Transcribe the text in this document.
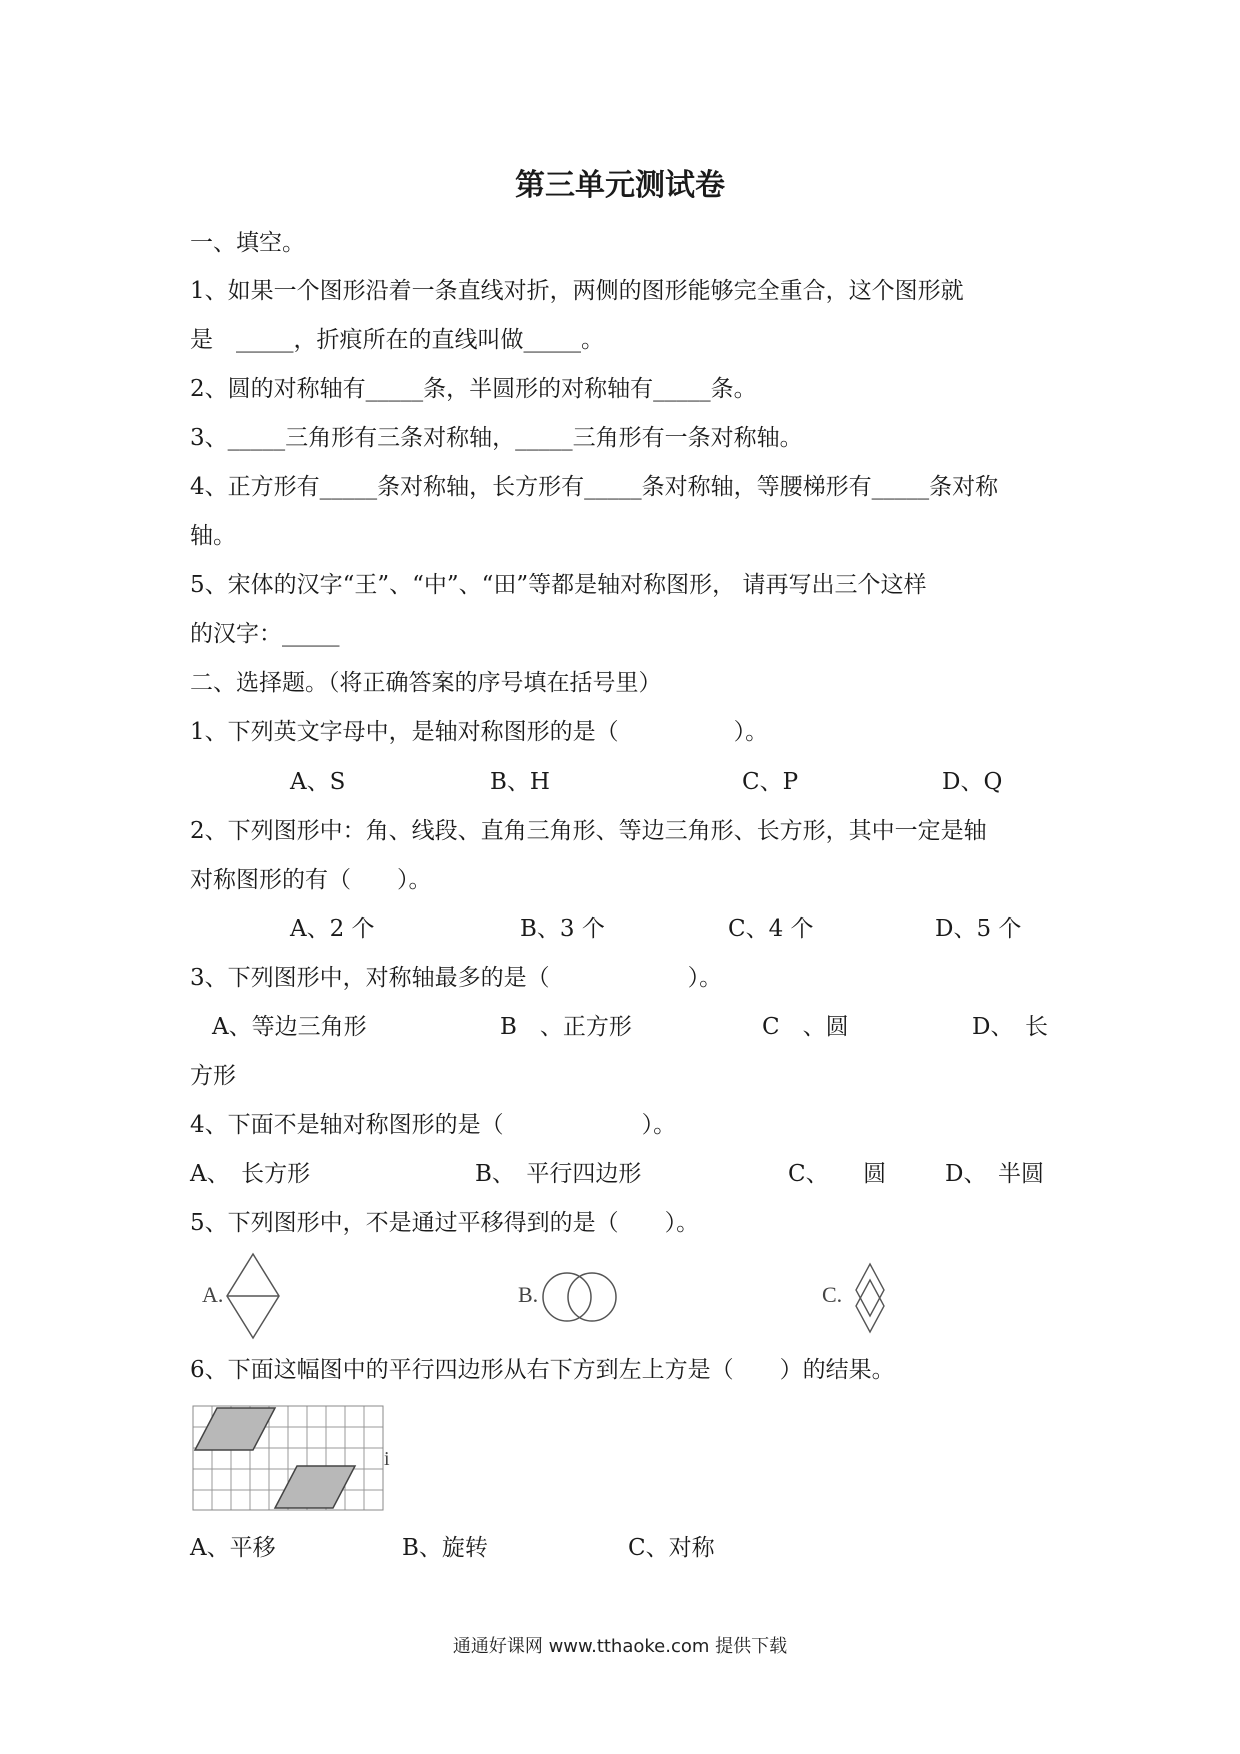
第三单元测试卷
一、填空。
1、如果一个图形沿着一条直线对折，两侧的图形能够完全重合，这个图形就
是　_____，折痕所在的直线叫做_____。
2、圆的对称轴有_____条，半圆形的对称轴有_____条。
3、_____三角形有三条对称轴，_____三角形有一条对称轴。
4、正方形有_____条对称轴，长方形有_____条对称轴，等腰梯形有_____条对称
轴。
5、宋体的汉字“王”、“中”、“田”等都是轴对称图形， 请再写出三个这样
的汉字：_____
二、选择题。（将正确答案的序号填在括号里）
1、下列英文字母中，是轴对称图形的是（　　　　　）。
A、S	B、H	C、P	D、Q
2、下列图形中：角、线段、直角三角形、等边三角形、长方形，其中一定是轴
对称图形的有（　　）。
A、2 个	B、3 个	C、4 个	D、5 个
3、下列图形中，对称轴最多的是（　　　　　　）。
A、等边三角形	B　、正方形	C　、圆	D、　长
方形
4、下面不是轴对称图形的是（　　　　　　）。
A、　长方形	B、　平行四边形	C、　　圆	D、　半圆
5、下列图形中，不是通过平移得到的是（　　）。
A.	B.	C.
6、下面这幅图中的平行四边形从右下方到左上方是（　　）的结果。
i
A、平移	B、旋转	C、对称
通通好课网 www.tthaoke.com 提供下载
